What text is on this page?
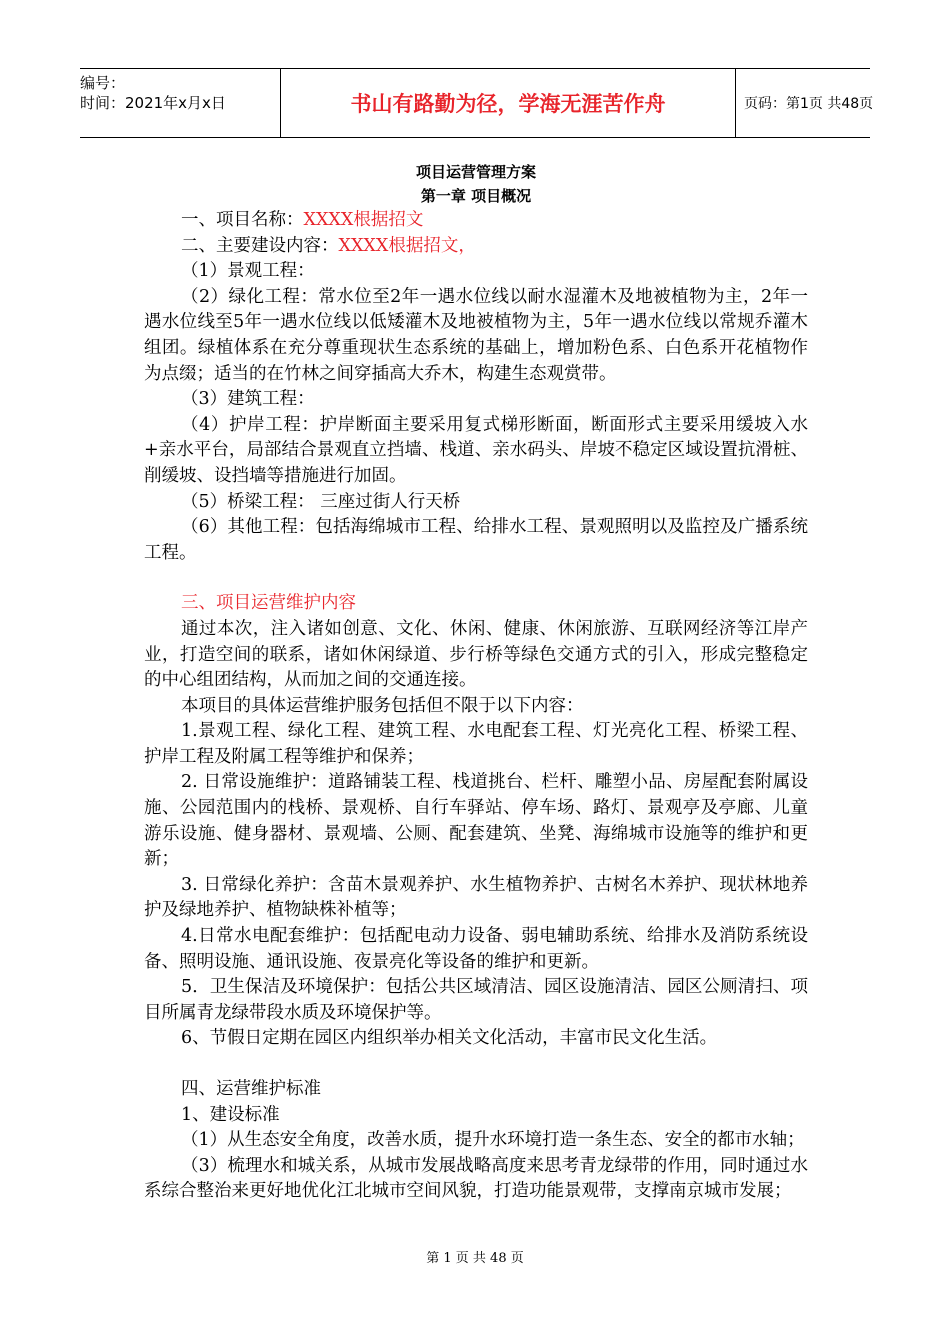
编号：
时间：2021年x月x日	书山有路勤为径，学海无涯苦作舟	页码：第1页 共48页
项目运营管理方案
第一章 项目概况

一、项目名称：XXXX根据招文

二、主要建设内容：XXXX根据招文，

（1）景观工程：

（2）绿化工程：常水位至2年一遇水位线以耐水湿灌木及地被植物为主，2年一遇水位线至5年一遇水位线以低矮灌木及地被植物为主，5年一遇水位线以常规乔灌木组团。绿植体系在充分尊重现状生态系统的基础上，增加粉色系、白色系开花植物作为点缀；适当的在竹林之间穿插高大乔木，构建生态观赏带。

（3）建筑工程：

（4）护岸工程：护岸断面主要采用复式梯形断面，断面形式主要采用缓坡入水+亲水平台，局部结合景观直立挡墙、栈道、亲水码头、岸坡不稳定区域设置抗滑桩、削缓坡、设挡墙等措施进行加固。

（5）桥梁工程： 三座过街人行天桥

（6）其他工程：包括海绵城市工程、给排水工程、景观照明以及监控及广播系统工程。

三、项目运营维护内容

通过本次，注入诸如创意、文化、休闲、健康、休闲旅游、互联网经济等江岸产业，打造空间的联系，诸如休闲绿道、步行桥等绿色交通方式的引入，形成完整稳定的中心组团结构，从而加之间的交通连接。

本项目的具体运营维护服务包括但不限于以下内容：

1.景观工程、绿化工程、建筑工程、水电配套工程、灯光亮化工程、桥梁工程、护岸工程及附属工程等维护和保养；

2. 日常设施维护：道路铺装工程、栈道挑台、栏杆、雕塑小品、房屋配套附属设施、公园范围内的栈桥、景观桥、自行车驿站、停车场、路灯、景观亭及亭廊、儿童游乐设施、健身器材、景观墙、公厕、配套建筑、坐凳、海绵城市设施等的维护和更新；

3. 日常绿化养护：含苗木景观养护、水生植物养护、古树名木养护、现状林地养护及绿地养护、植物缺株补植等；

4.日常水电配套维护：包括配电动力设备、弱电辅助系统、给排水及消防系统设备、照明设施、通讯设施、夜景亮化等设备的维护和更新。

5．卫生保洁及环境保护：包括公共区域清洁、园区设施清洁、园区公厕清扫、项目所属青龙绿带段水质及环境保护等。

6、节假日定期在园区内组织举办相关文化活动，丰富市民文化生活。

四、运营维护标准

1、建设标准

（1）从生态安全角度，改善水质，提升水环境打造一条生态、安全的都市水轴；

（3）梳理水和城关系，从城市发展战略高度来思考青龙绿带的作用，同时通过水系综合整治来更好地优化江北城市空间风貌，打造功能景观带，支撑南京城市发展；

第 1 页 共 48 页
